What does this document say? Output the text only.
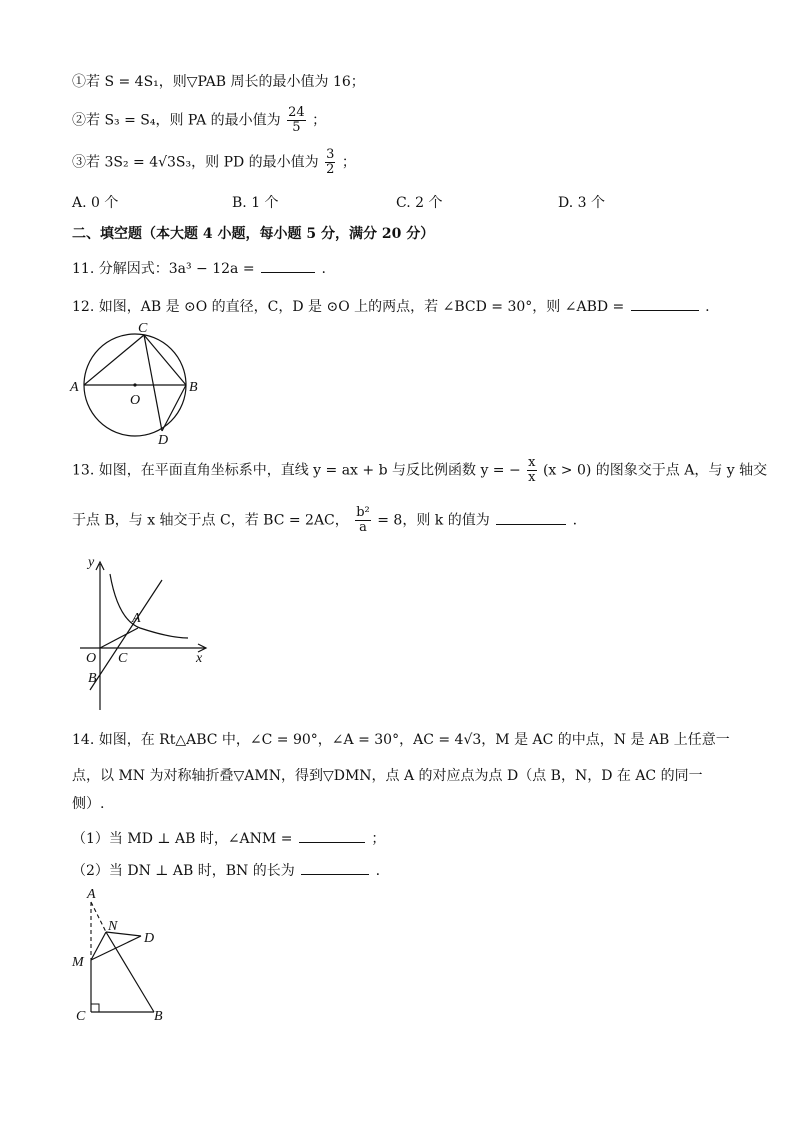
①若 S = 4S₁，则▽PAB 周长的最小值为 16；
②若 S₃ = S₄，则 PA 的最小值为 $\frac{24}{5}$ ；
③若 3S₂ = 4√3S₃，则 PD 的最小值为 $\frac{3}{2}$ ；
A. 0 个	B. 1 个	C. 2 个	D. 3 个
二、填空题（本大题 4 小题，每小题 5 分，满分 20 分）
11. 分解因式：3a³ − 12a =	.
12. 如图，AB 是 ⊙O 的直径，C，D 是 ⊙O 上的两点，若 ∠BCD = 30°，则 ∠ABD =	.
A	B
C
D
O
13. 如图，在平面直角坐标系中，直线 y = ax + b 与反比例函数 y = − $\frac{x}{x} (x > 0)$ 的图象交于点 A，与 y 轴交
于点 B，与 x 轴交于点 C，若 BC = 2AC， $\frac{\text{b²}}{a} = 8$，则 k 的值为	.
y
x
O C
A
B
14. 如图，在 Rt△ABC 中，∠C = 90°，∠A = 30°，AC = 4√3，M 是 AC 的中点，N 是 AB 上任意一
点，以 MN 为对称轴折叠▽AMN，得到▽DMN，点 A 的对应点为点 D（点 B，N，D 在 AC 的同一
侧）.
（1）当 MD ⊥ AB 时，∠ANM =	；
（2）当 DN ⊥ AB 时，BN 的长为	.
A
N
D
M
C	B
